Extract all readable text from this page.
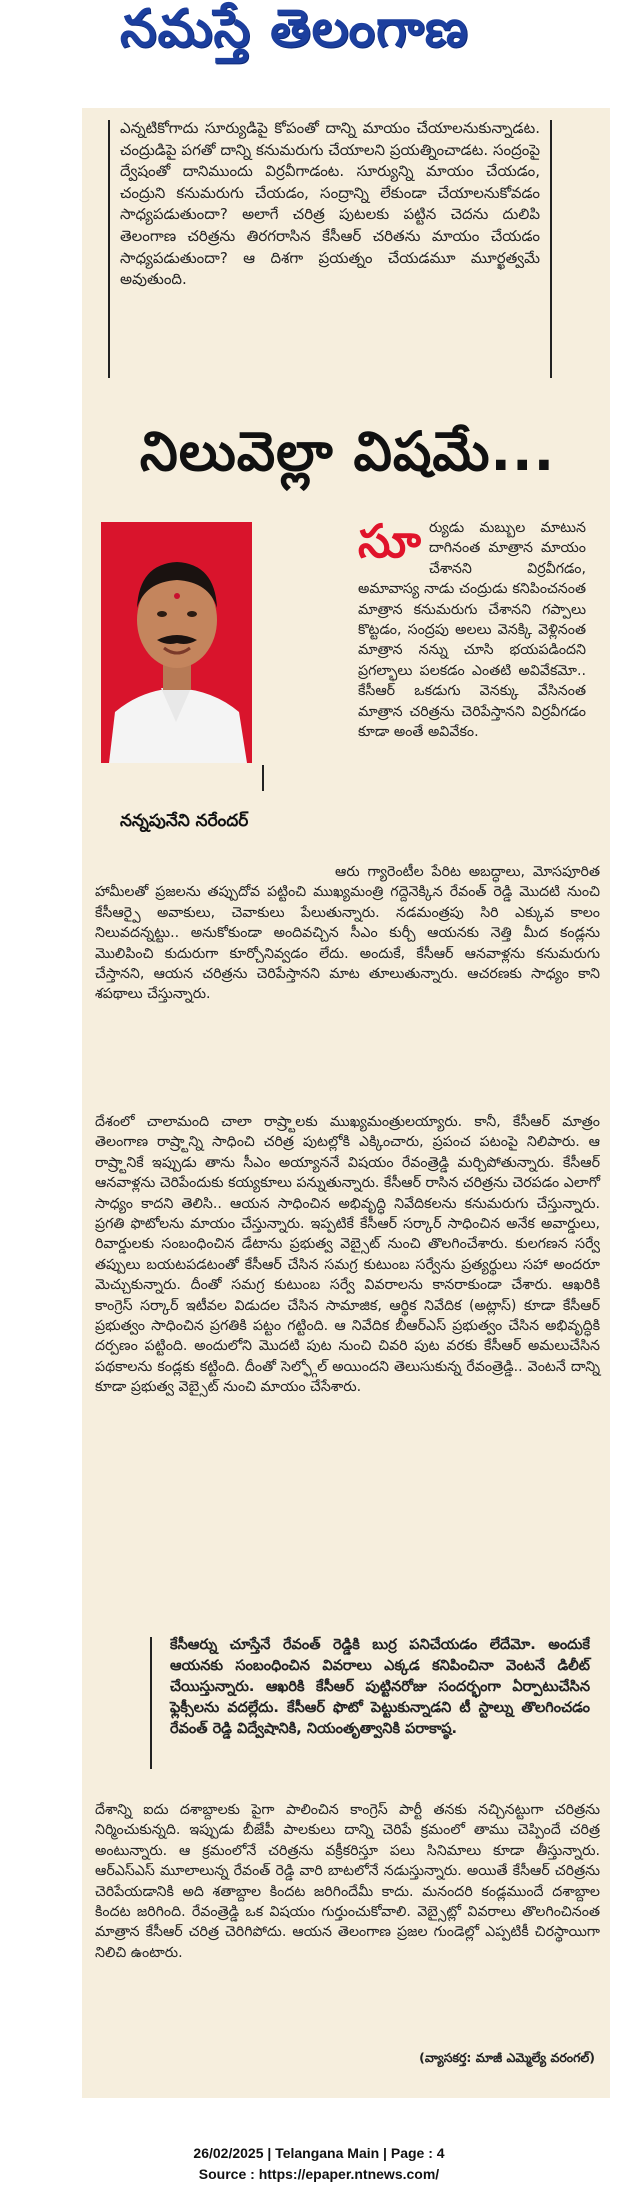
నమస్తే తెలంగాణ

ఎన్నటికోగాదు సూర్యుడిపై కోపంతో దాన్ని మాయం చేయాలనుకున్నాడట. చంద్రుడిపై పగతో దాన్ని కనుమరుగు చేయాలని ప్రయత్నించాడట. సంద్రంపై ద్వేషంతో దానిముందు విర్రవీగాడంట. సూర్యున్ని మాయం చేయడం, చంద్రుని కనుమరుగు చేయడం, సంద్రాన్ని లేకుండా చేయాలనుకోవడం సాధ్యపడుతుందా? అలాగే చరిత్ర పుటలకు పట్టిన చెదను దులిపి తెలంగాణ చరిత్రను తిరగరాసిన కేసీఆర్ చరితను మాయం చేయడం సాధ్యపడుతుందా? ఆ దిశగా ప్రయత్నం చేయడమూ మూర్ఖత్వమే అవుతుంది.

నిలువెల్లా విషమే...
నన్నపునేని నరేందర్
సూ ర్యుడు మబ్బుల మాటున దాగినంత మాత్రాన మాయం చేశానని విర్రవీగడం, అమావాస్య నాడు చంద్రుడు కనిపించనంత మాత్రాన కనుమరుగు చేశానని గప్పాలు కొట్టడం, సంద్రపు అలలు వెనక్కి వెళ్లినంత మాత్రాన నన్ను చూసి భయపడిందని ప్రగల్భాలు పలకడం ఎంతటి అవివేకమో.. కేసీఆర్ ఒకడుగు వెనక్కు వేసినంత మాత్రాన చరిత్రను చెరిపేస్తానని విర్రవీగడం కూడా అంతే అవివేకం.

ఆరు గ్యారెంటీల పేరిట అబద్ధాలు, మోసపూరిత హామీలతో ప్రజలను తప్పుదోవ పట్టించి ముఖ్యమంత్రి గద్దెనెక్కిన రేవంత్ రెడ్డి మొదటి నుంచి కేసీఆర్పై అవాకులు, చెవాకులు పేలుతున్నారు. నడమంత్రపు సిరి ఎక్కువ కాలం నిలువదన్నట్టు.. అనుకోకుండా అందివచ్చిన సీఎం కుర్చీ ఆయనకు నెత్తి మీద కండ్లను మొలిపించి కుదురుగా కూర్చోనివ్వడం లేదు. అందుకే, కేసీఆర్ ఆనవాళ్లను కనుమరుగు చేస్తానని, ఆయన చరిత్రను చెరిపేస్తానని మాట తూలుతున్నారు. ఆచరణకు సాధ్యం కాని శపథాలు చేస్తున్నారు.

దేశంలో చాలామంది చాలా రాష్ర్టాలకు ముఖ్యమంత్రులయ్యారు. కానీ, కేసీఆర్ మాత్రం తెలంగాణ రాష్ర్టాన్ని సాధించి చరిత్ర పుటల్లోకి ఎక్కించారు, ప్రపంచ పటంపై నిలిపారు. ఆ రాష్ర్టానికే ఇప్పుడు తాను సీఎం అయ్యాననే విషయం రేవంత్రెడ్డి మర్చిపోతున్నారు. కేసీఆర్ ఆనవాళ్లను చెరిపేందుకు కయ్యకూలు పన్నుతున్నారు. కేసీఆర్ రాసిన చరిత్రను చెరపడం ఎలాగో సాధ్యం కాదని తెలిసి.. ఆయన సాధించిన అభివృద్ధి నివేదికలను కనుమరుగు చేస్తున్నారు. ప్రగతి ఫొటోలను మాయం చేస్తున్నారు. ఇప్పటికే కేసీఆర్ సర్కార్ సాధించిన అనేక అవార్డులు, రివార్డులకు సంబంధించిన డేటాను ప్రభుత్వ వెబ్సైట్ నుంచి తొలగించేశారు. కులగణన సర్వే తప్పులు బయటపడటంతో కేసీఆర్ చేసిన సమగ్ర కుటుంబ సర్వేను ప్రత్యర్థులు సహా అందరూ మెచ్చుకున్నారు. దీంతో సమగ్ర కుటుంబ సర్వే వివరాలను కానరాకుండా చేశారు. ఆఖరికి కాంగ్రెస్ సర్కార్ ఇటీవల విడుదల చేసిన సామాజిక, ఆర్థిక నివేదిక (అట్లాస్) కూడా కేసీఆర్ ప్రభుత్వం సాధించిన ప్రగతికి పట్టం గట్టింది. ఆ నివేదిక బీఆర్ఎస్ ప్రభుత్వం చేసిన అభివృద్ధికి దర్పణం పట్టింది. అందులోని మొదటి పుట నుంచి చివరి పుట వరకు కేసీఆర్ అమలుచేసిన పథకాలను కండ్లకు కట్టింది. దీంతో సెల్ఫ్గోల్ అయిందని తెలుసుకున్న రేవంత్రెడ్డి.. వెంటనే దాన్ని కూడా ప్రభుత్వ వెబ్సైట్ నుంచి మాయం చేసేశారు.

కేసీఆర్ను చూస్తేనే రేవంత్ రెడ్డికి బుర్ర పనిచేయడం లేదేమో. అందుకే ఆయనకు సంబంధించిన వివరాలు ఎక్కడ కనిపించినా వెంటనే డిలీట్ చేయిస్తున్నారు. ఆఖరికి కేసీఆర్ పుట్టినరోజు సందర్భంగా ఏర్పాటుచేసిన ఫ్లెక్సీలను వదల్లేదు. కేసీఆర్ ఫొటో పెట్టుకున్నాడని టీ స్టాల్ను తొలగించడం రేవంత్ రెడ్డి విద్వేషానికి, నియంతృత్వానికి పరాకాష్ఠ.

దేశాన్ని ఐదు దశాబ్దాలకు పైగా పాలించిన కాంగ్రెస్ పార్టీ తనకు నచ్చినట్టుగా చరిత్రను నిర్మించుకున్నది. ఇప్పుడు బీజేపీ పాలకులు దాన్ని చెరిపే క్రమంలో తాము చెప్పిందే చరిత్ర అంటున్నారు. ఆ క్రమంలోనే చరిత్రను వక్రీకరిస్తూ పలు సినిమాలు కూడా తీస్తున్నారు. ఆర్ఎస్ఎస్ మూలాలున్న రేవంత్ రెడ్డి వారి బాటలోనే నడుస్తున్నారు. అయితే కేసీఆర్ చరిత్రను చెరిపేయడానికి అది శతాబ్దాల కిందట జరిగిందేమీ కాదు. మనందరి కండ్లముందే దశాబ్దాల కిందట జరిగింది. రేవంత్రెడ్డి ఒక విషయం గుర్తుంచుకోవాలి. వెబ్సైట్లో వివరాలు తొలగించినంత మాత్రాన కేసీఆర్ చరిత్ర చెరిగిపోదు. ఆయన తెలంగాణ ప్రజల గుండెల్లో ఎప్పటికీ చిరస్థాయిగా నిలిచి ఉంటారు.

(వ్యాసకర్త: మాజీ ఎమ్మెల్యే వరంగల్)
26/02/2025 | Telangana Main | Page : 4
Source : https://epaper.ntnews.com/
